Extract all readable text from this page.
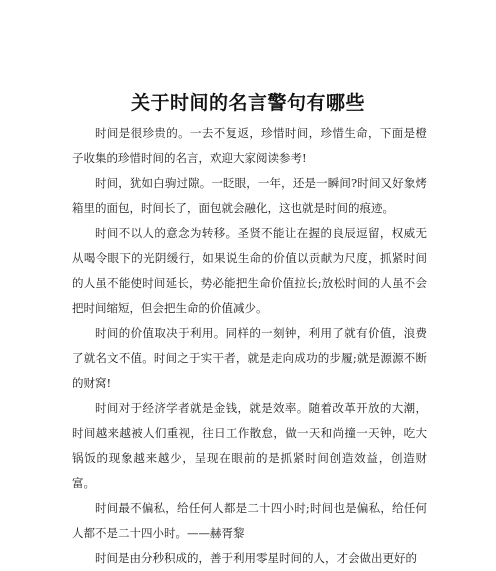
关于时间的名言警句有哪些

时间是很珍贵的。一去不复返，珍惜时间，珍惜生命，下面是橙子收集的珍惜时间的名言，欢迎大家阅读参考!

时间，犹如白驹过隙。一眨眼，一年，还是一瞬间?时间又好象烤箱里的面包，时间长了，面包就会融化，这也就是时间的痕迹。

时间不以人的意念为转移。圣贤不能让在握的良辰逗留，权威无从喝令眼下的光阴缓行，如果说生命的价值以贡献为尺度，抓紧时间的人虽不能使时间延长，势必能把生命价值拉长;放松时间的人虽不会把时间缩短，但会把生命的价值减少。

时间的价值取决于利用。同样的一刻钟，利用了就有价值，浪费了就名文不值。时间之于实干者，就是走向成功的步履;就是源源不断的财窝!

时间对于经济学者就是金钱，就是效率。随着改革开放的大潮，时间越来越被人们重视，往日工作散怠，做一天和尚撞一天钟，吃大锅饭的现象越来越少，呈现在眼前的是抓紧时间创造效益，创造财富。

时间最不偏私，给任何人都是二十四小时;时间也是偏私，给任何人都不是二十四小时。——赫胥黎

时间是由分秒积成的，善于利用零星时间的人，才会做出更好的
